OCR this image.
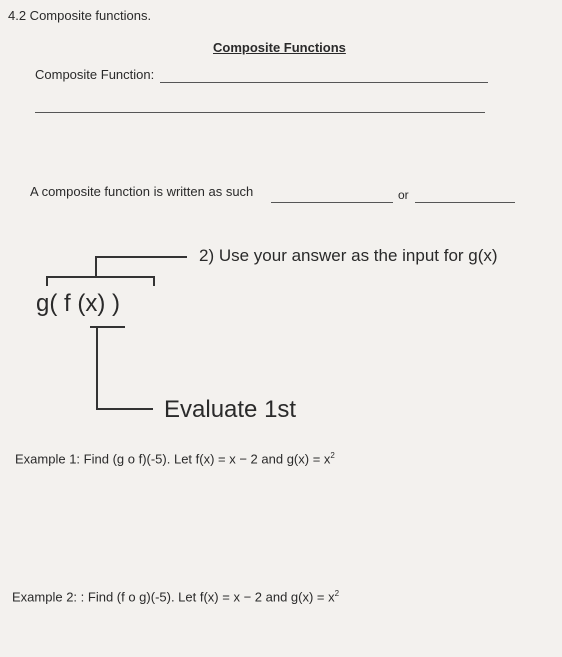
4.2 Composite functions.
Composite Functions
Composite Function:
A composite function is written as such	or
g( f (x) )
2) Use your answer as the input for g(x)
Evaluate 1st
Example 1: Find (g o f)(-5). Let f(x) = x − 2 and $g(x) = x^2$
Example 2: : Find (f o g)(-5). Let f(x) = x − 2 and $g(x) = x^2$
